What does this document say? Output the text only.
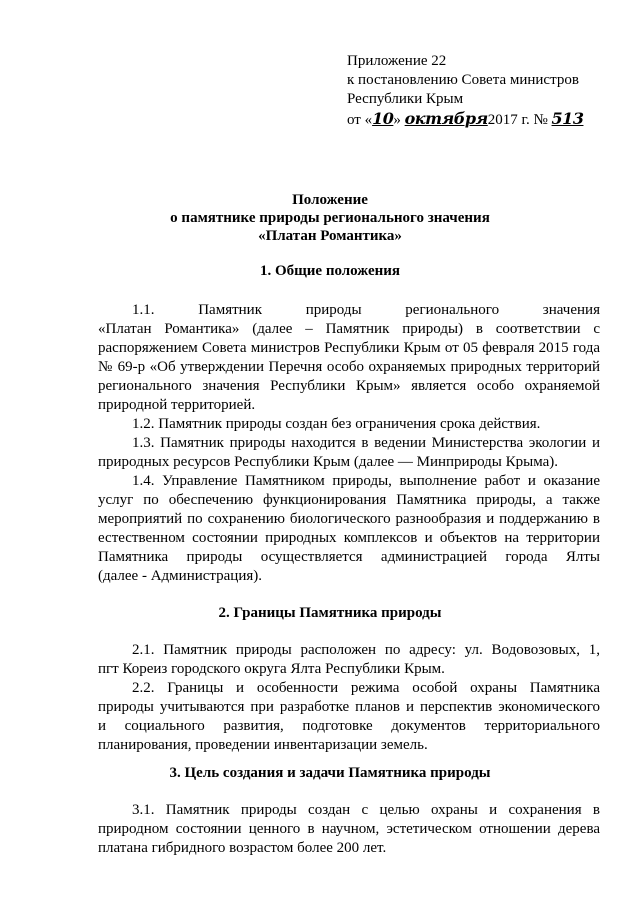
Приложение 22
к постановлению Совета министров
Республики Крым
от «10» октября2017 г. № 513
Положение
о памятнике природы регионального значения
«Платан Романтика»
1. Общие положения
1.1.	Памятник	природы	регионального	значения
«Платан Романтика» (далее – Памятник природы) в соответствии с
распоряжением Совета министров Республики Крым от 05 февраля 2015 года
№ 69-р «Об утверждении Перечня особо охраняемых природных территорий
регионального значения Республики Крым» является особо охраняемой
природной территорией.
1.2. Памятник природы создан без ограничения срока действия.
1.3. Памятник природы находится в ведении Министерства экологии и
природных ресурсов Республики Крым (далее — Минприроды Крыма).
1.4. Управление Памятником природы, выполнение работ и оказание
услуг по обеспечению функционирования Памятника природы, а также
мероприятий по сохранению биологического разнообразия и поддержанию в
естественном состоянии природных комплексов и объектов на территории
Памятника природы осуществляется администрацией города Ялты
(далее - Администрация).
2. Границы Памятника природы
2.1. Памятник природы расположен по адресу: ул. Водовозовых, 1,
пгт Кореиз городского округа Ялта Республики Крым.
2.2. Границы и особенности режима особой охраны Памятника
природы учитываются при разработке планов и перспектив экономического
и социального развития, подготовке документов территориального
планирования, проведении инвентаризации земель.
3. Цель создания и задачи Памятника природы
3.1. Памятник природы создан с целью охраны и сохранения в
природном состоянии ценного в научном, эстетическом отношении дерева
платана гибридного возрастом более 200 лет.
